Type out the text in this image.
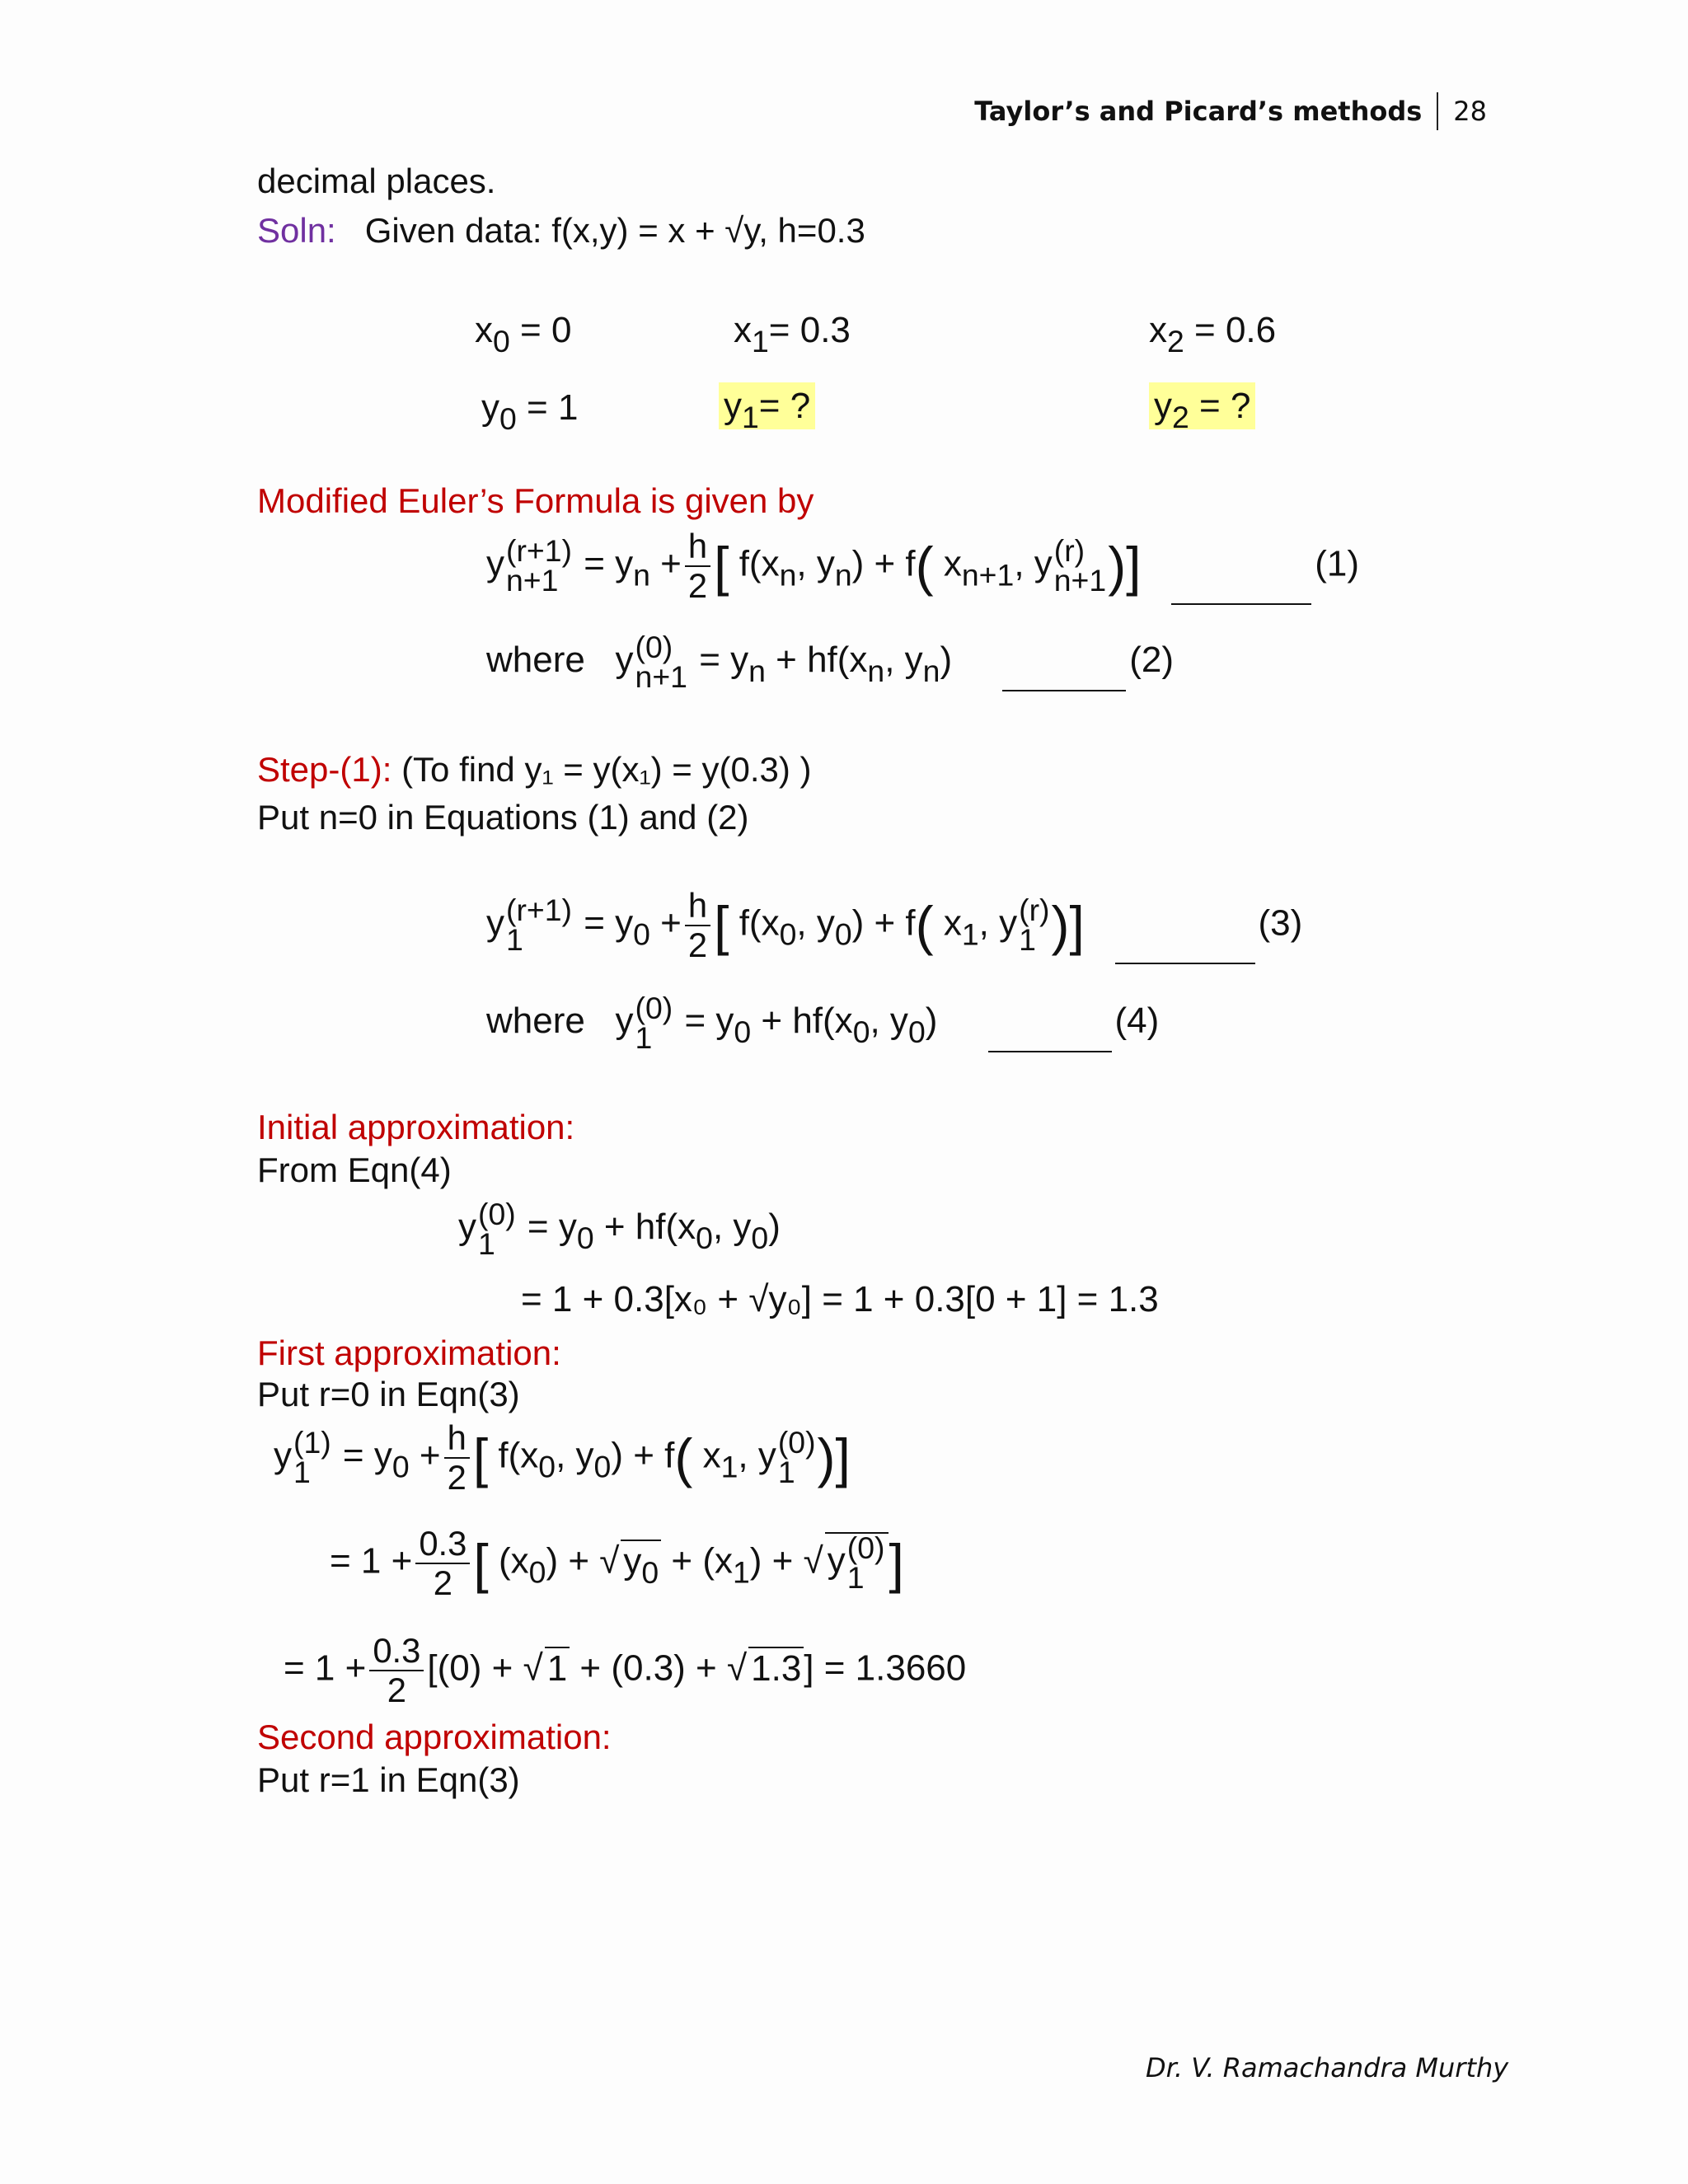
Taylor’s and Picard’s methods 28
decimal places.
Soln: Given data: f(x,y) = x + √y, h=0.3
$x_0 = 0$	$x_1= 0.3$	$x_2 = 0.6$
$y_0 = 1$	$y_1=$ ?	$y_2$ = ?
Modified Euler’s Formula is given by
y (r+1)
$n+1 = y_n + \frac{h}{2}$ [ $f(x_n$, $y_n) + f$( $x_{n+1}$, y (r)
n+1 )]	(1)
where   y (0)
$n+1 = y_n + hf(x_n$, $y_n$)	(2)
Step-(1): (To find y₁ = y(x₁) = y(0.3) )
Put n=0 in Equations (1) and (2)
y (r+1)
1	= $y_0 + \frac{h}{2}$ [ $f(x_0$, $y_0) + f$( $x_1$, y (r)
1 )]	(3)
where   y (0)
$1 = y_0 + hf(x_0$, $y_0$)	(4)
Initial approximation:
From Eqn(4)
y (0)
$1 = y_0 + hf(x_0$, $y_0$)
= 1 + 0.3[x₀ + √y₀] = 1 + 0.3[0 + 1] = 1.3
First approximation:
Put r=0 in Eqn(3)
y (1)
$1 = y_0 + \frac{h}{2}$ [ $f(x_0$, $y_0) + f$( $x_1$, y (0)
1 )]
= $1 + \frac{0.3}{2}$ [ $(x_0)$ + √ $y_0 + (x_1)$ + √ y (0)
1 ]
= $1 + \frac{0.3}{2} [(0)$ + √ 1 + (0.3) + √ 1.3] = 1.3660
Second approximation:
Put r=1 in Eqn(3)
Dr. V. Ramachandra Murthy
